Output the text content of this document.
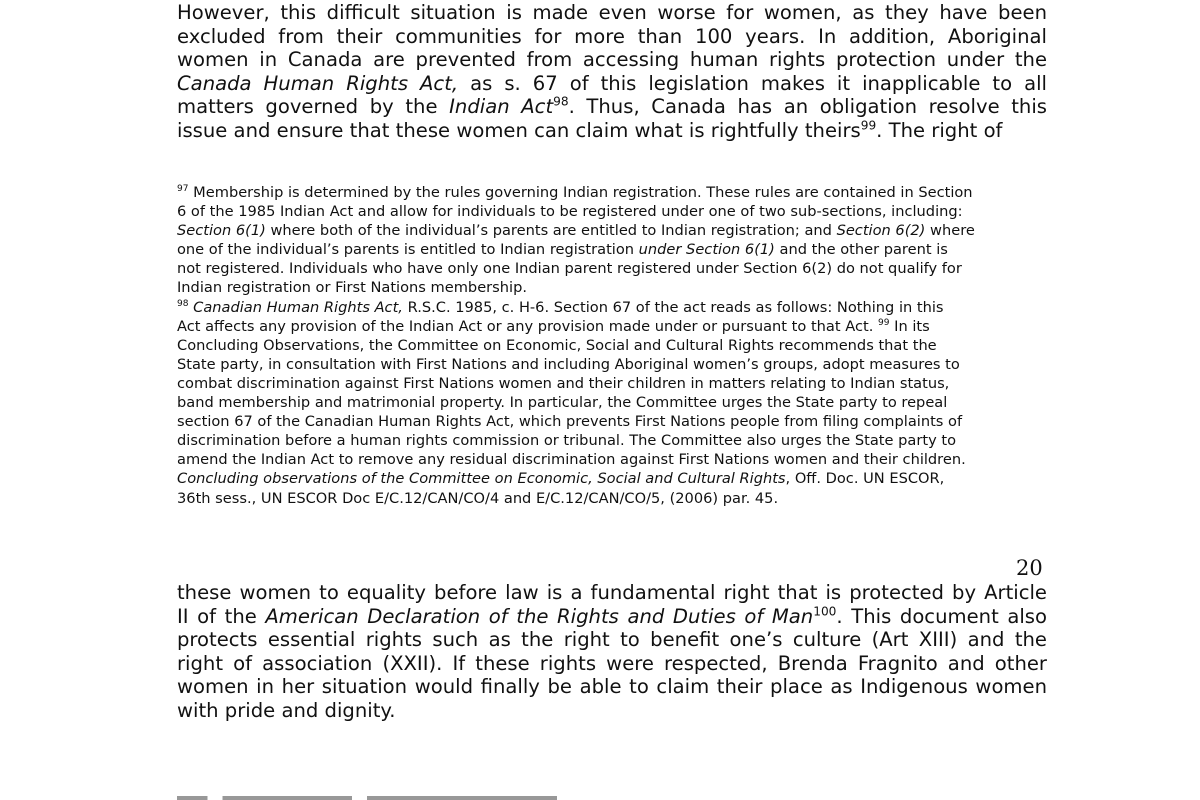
However, this difficult situation is made even worse for women, as they have been
excluded from their communities for more than 100 years. In addition, Aboriginal
women in Canada are prevented from accessing human rights protection under the
Canada Human Rights Act, as s. 67 of this legislation makes it inapplicable to all
matters governed by the Indian Act$^{98}$. Thus, Canada has an obligation resolve this
issue and ensure that these women can claim what is rightfully theirs$^{99}$. The right of
$^{97}$ Membership is determined by the rules governing Indian registration. These rules are contained in Section
6 of the 1985 Indian Act and allow for individuals to be registered under one of two sub-sections, including:
Section 6(1) where both of the individual’s parents are entitled to Indian registration; and Section 6(2) where
one of the individual’s parents is entitled to Indian registration under Section 6(1) and the other parent is
not registered. Individuals who have only one Indian parent registered under Section 6(2) do not qualify for
Indian registration or First Nations membership.
$^{98}$ Canadian Human Rights Act, R.S.C. 1985, c. H-6. Section 67 of the act reads as follows: Nothing in this
Act affects any provision of the Indian Act or any provision made under or pursuant to that Act. $^{99}$ In its
Concluding Observations, the Committee on Economic, Social and Cultural Rights recommends that the
State party, in consultation with First Nations and including Aboriginal women’s groups, adopt measures to
combat discrimination against First Nations women and their children in matters relating to Indian status,
band membership and matrimonial property. In particular, the Committee urges the State party to repeal
section 67 of the Canadian Human Rights Act, which prevents First Nations people from filing complaints of
discrimination before a human rights commission or tribunal. The Committee also urges the State party to
amend the Indian Act to remove any residual discrimination against First Nations women and their children.
Concluding observations of the Committee on Economic, Social and Cultural Rights, Off. Doc. UN ESCOR,
36th sess., UN ESCOR Doc E/C.12/CAN/CO/4 and E/C.12/CAN/CO/5, (2006) par. 45.
20
these women to equality before law is a fundamental right that is protected by Article
II of the American Declaration of the Rights and Duties of Man$^{100}$. This document also
protects essential rights such as the right to benefit one’s culture (Art XIII) and the
right of association (XXII). If these rights were respected, Brenda Fragnito and other
women in her situation would finally be able to claim their place as Indigenous women
with pride and dignity.
